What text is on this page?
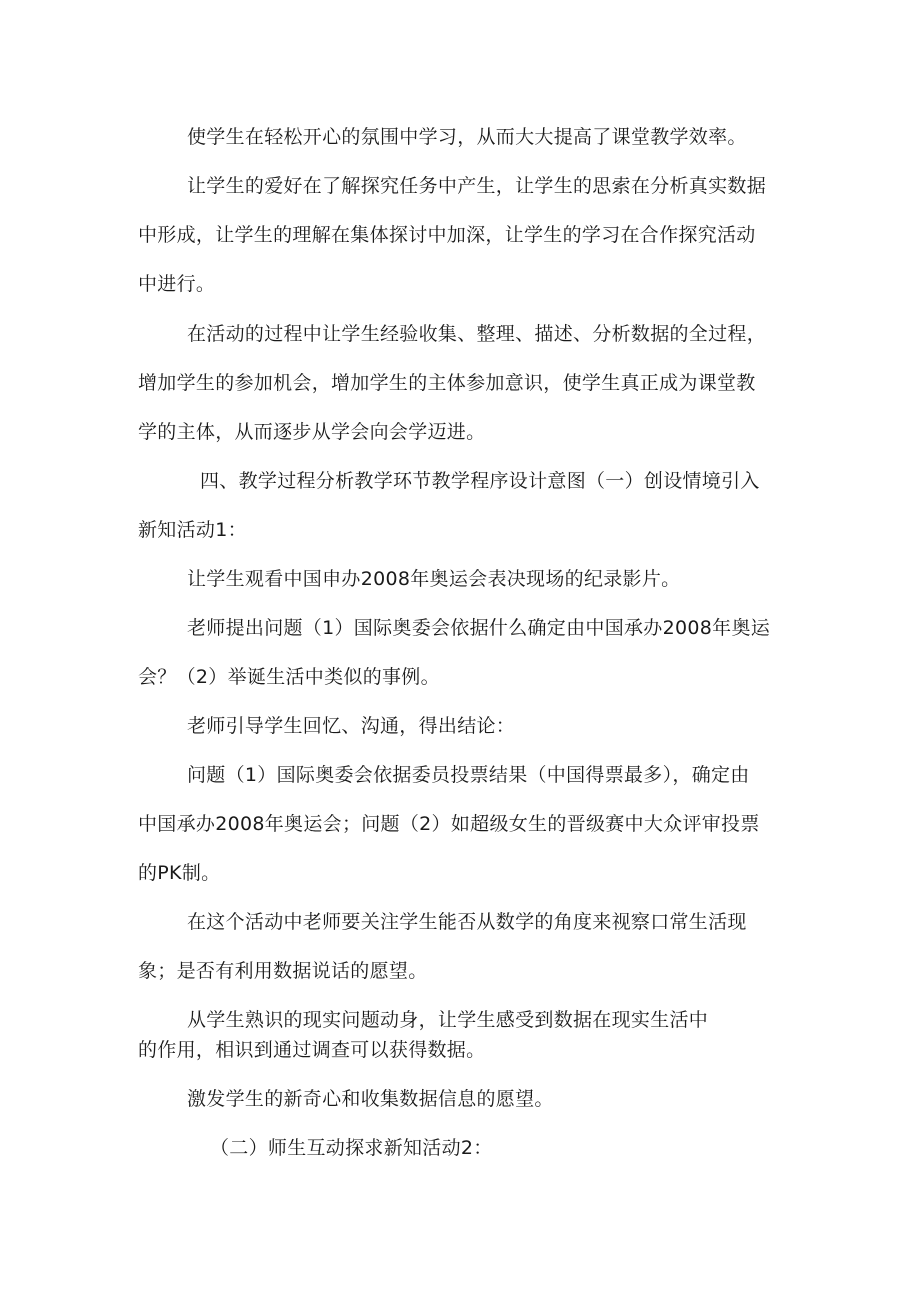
使学生在轻松开心的氛围中学习，从而大大提高了课堂教学效率。
让学生的爱好在了解探究任务中产生，让学生的思索在分析真实数据
中形成，让学生的理解在集体探讨中加深，让学生的学习在合作探究活动
中进行。
在活动的过程中让学生经验收集、整理、描述、分析数据的全过程，
增加学生的参加机会，增加学生的主体参加意识，使学生真正成为课堂教
学的主体，从而逐步从学会向会学迈进。
四、教学过程分析教学环节教学程序设计意图（一）创设情境引入
新知活动1：
让学生观看中国申办2008年奥运会表决现场的纪录影片。
老师提出问题（1）国际奥委会依据什么确定由中国承办2008年奥运
会？（2）举诞生活中类似的事例。
老师引导学生回忆、沟通，得出结论：
问题（1）国际奥委会依据委员投票结果（中国得票最多），确定由
中国承办2008年奥运会；问题（2）如超级女生的晋级赛中大众评审投票
的PK制。
在这个活动中老师要关注学生能否从数学的角度来视察口常生活现
象；是否有利用数据说话的愿望。
从学生熟识的现实问题动身，让学生感受到数据在现实生活中
的作用，相识到通过调查可以获得数据。
激发学生的新奇心和收集数据信息的愿望。
（二）师生互动探求新知活动2：
